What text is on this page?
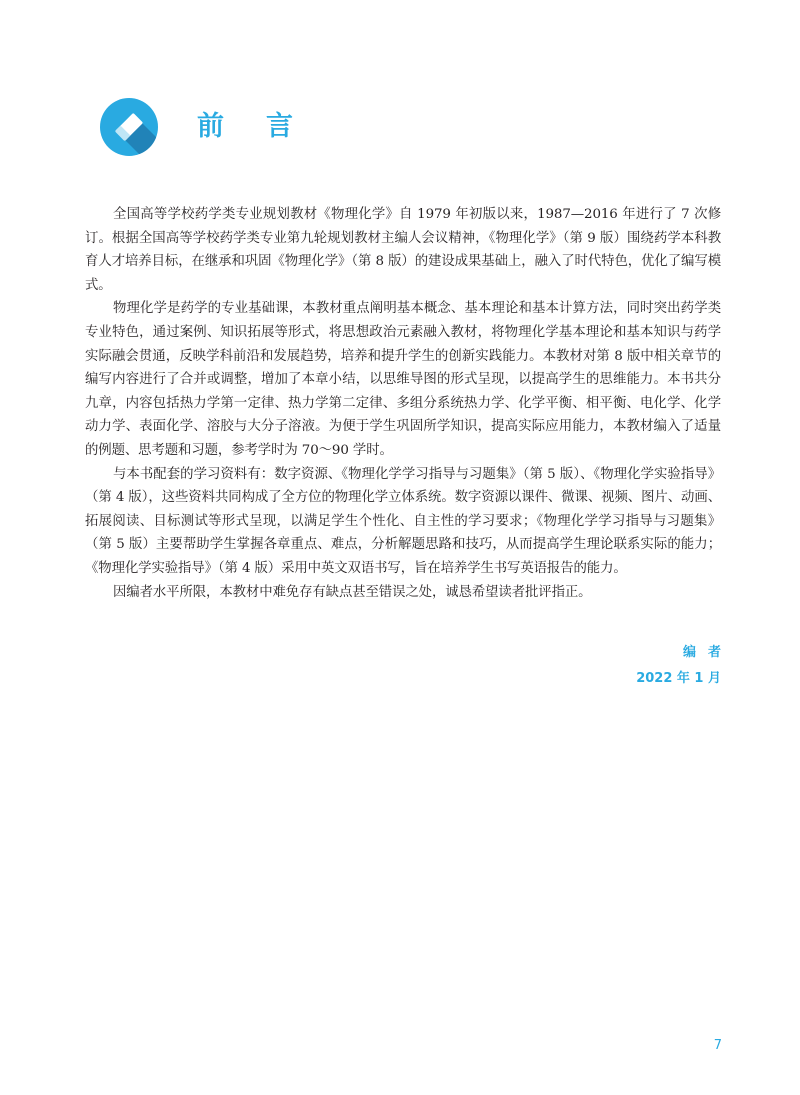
前言

全国高等学校药学类专业规划教材《物理化学》自 1979 年初版以来，1987—2016 年进行了 7 次修订。根据全国高等学校药学类专业第九轮规划教材主编人会议精神，《物理化学》（第 9 版）围绕药学本科教育人才培养目标，在继承和巩固《物理化学》（第 8 版）的建设成果基础上，融入了时代特色，优化了编写模式。

物理化学是药学的专业基础课，本教材重点阐明基本概念、基本理论和基本计算方法，同时突出药学类专业特色，通过案例、知识拓展等形式，将思想政治元素融入教材，将物理化学基本理论和基本知识与药学实际融会贯通，反映学科前沿和发展趋势，培养和提升学生的创新实践能力。本教材对第 8 版中相关章节的编写内容进行了合并或调整，增加了本章小结，以思维导图的形式呈现，以提高学生的思维能力。本书共分九章，内容包括热力学第一定律、热力学第二定律、多组分系统热力学、化学平衡、相平衡、电化学、化学动力学、表面化学、溶胶与大分子溶液。为便于学生巩固所学知识，提高实际应用能力，本教材编入了适量的例题、思考题和习题，参考学时为 70～90 学时。

与本书配套的学习资料有：数字资源、《物理化学学习指导与习题集》（第 5 版）、《物理化学实验指导》（第 4 版），这些资料共同构成了全方位的物理化学立体系统。数字资源以课件、微课、视频、图片、动画、拓展阅读、目标测试等形式呈现，以满足学生个性化、自主性的学习要求；《物理化学学习指导与习题集》（第 5 版）主要帮助学生掌握各章重点、难点，分析解题思路和技巧，从而提高学生理论联系实际的能力；《物理化学实验指导》（第 4 版）采用中英文双语书写，旨在培养学生书写英语报告的能力。

因编者水平所限，本教材中难免存有缺点甚至错误之处，诚恳希望读者批评指正。

编者
2022 年 1 月
7
